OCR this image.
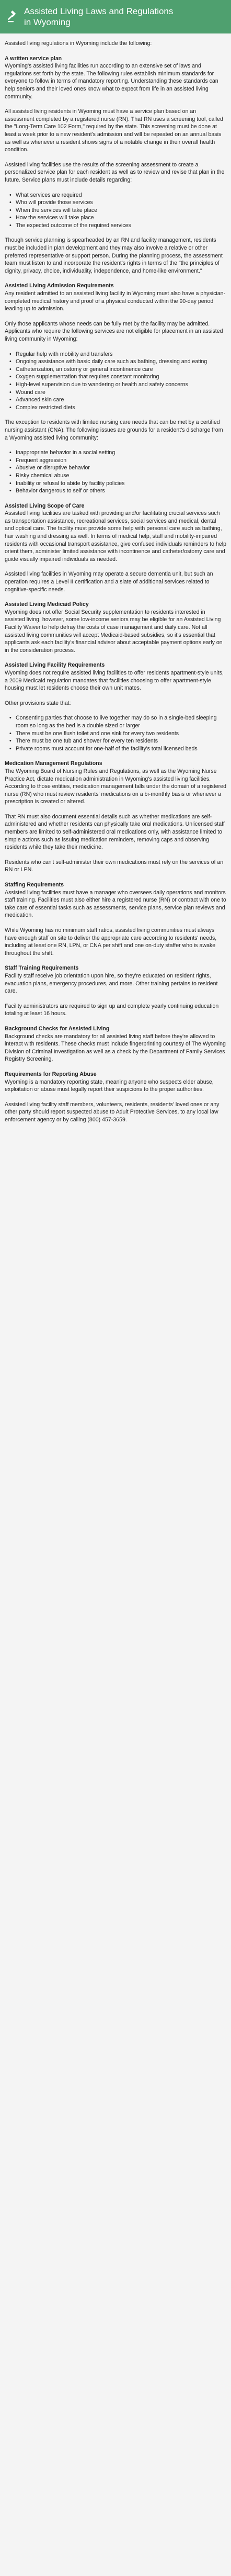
Assisted Living Laws and Regulations in Wyoming

Assisted living regulations in Wyoming include the following:

A written service plan

Wyoming's assisted living facilities run according to an extensive set of laws and regulations set forth by the state. The following rules establish minimum standards for everyone to follow in terms of mandatory reporting. Understanding these standards can help seniors and their loved ones know what to expect from life in an assisted living community.

All assisted living residents in Wyoming must have a service plan based on an assessment completed by a registered nurse (RN). That RN uses a screening tool, called the "Long-Term Care 102 Form," required by the state. This screening must be done at least a week prior to a new resident's admission and will be repeated on an annual basis as well as whenever a resident shows signs of a notable change in their overall health condition.

Assisted living facilities use the results of the screening assessment to create a personalized service plan for each resident as well as to review and revise that plan in the future. Service plans must include details regarding:

• What services are required
• Who will provide those services
• When the services will take place
• How the services will take place
• The expected outcome of the required services

Though service planning is spearheaded by an RN and facility management, residents must be included in plan development and they may also involve a relative or other preferred representative or support person. During the planning process, the assessment team must listen to and incorporate the resident's rights in terms of the "the principles of dignity, privacy, choice, individuality, independence, and home-like environment."

Assisted Living Admission Requirements

Any resident admitted to an assisted living facility in Wyoming must also have a physician-completed medical history and proof of a physical conducted within the 90-day period leading up to admission.

Only those applicants whose needs can be fully met by the facility may be admitted. Applicants who require the following services are not eligible for placement in an assisted living community in Wyoming:

• Regular help with mobility and transfers
• Ongoing assistance with basic daily care such as bathing, dressing and eating
• Catheterization, an ostomy or general incontinence care
• Oxygen supplementation that requires constant monitoring
• High-level supervision due to wandering or health and safety concerns
• Wound care
• Advanced skin care
• Complex restricted diets

The exception to residents with limited nursing care needs that can be met by a certified nursing assistant (CNA). The following issues are grounds for a resident's discharge from a Wyoming assisted living community:

• Inappropriate behavior in a social setting
• Frequent aggression
• Abusive or disruptive behavior
• Risky chemical abuse
• Inability or refusal to abide by facility policies
• Behavior dangerous to self or others
Assisted Living Scope of Care

Assisted living facilities are tasked with providing and/or facilitating crucial services such as transportation assistance, recreational services, social services and medical, dental and optical care. The facility must provide some help with personal care such as bathing, hair washing and dressing as well. In terms of medical help, staff and mobility-impaired residents with occasional transport assistance, give confused individuals reminders to help orient them, administer limited assistance with incontinence and catheter/ostomy care and guide visually impaired individuals as needed.

Assisted living facilities in Wyoming may operate a secure dementia unit, but such an operation requires a Level II certification and a slate of additional services related to cognitive-specific needs.

Assisted Living Medicaid Policy

Wyoming does not offer Social Security supplementation to residents interested in assisted living, however, some low-income seniors may be eligible for an Assisted Living Facility Waiver to help defray the costs of case management and daily care. Not all assisted living communities will accept Medicaid-based subsidies, so it's essential that applicants ask each facility's financial advisor about acceptable payment options early on in the consideration process.

Assisted Living Facility Requirements

Wyoming does not require assisted living facilities to offer residents apartment-style units, a 2009 Medicaid regulation mandates that facilities choosing to offer apartment-style housing must let residents choose their own unit mates.

Other provisions state that:

• Consenting parties that choose to live together may do so in a single-bed sleeping room so long as the bed is a double sized or larger
• There must be one flush toilet and one sink for every two residents
• There must be one tub and shower for every ten residents
• Private rooms must account for one-half of the facility's total licensed beds
Medication Management Regulations

The Wyoming Board of Nursing Rules and Regulations, as well as the Wyoming Nurse Practice Act, dictate medication administration in Wyoming's assisted living facilities. According to those entities, medication management falls under the domain of a registered nurse (RN) who must review residents' medications on a bi-monthly basis or whenever a prescription is created or altered.

That RN must also document essential details such as whether medications are self-administered and whether residents can physically take oral medications. Unlicensed staff members are limited to self-administered oral medications only, with assistance limited to simple actions such as issuing medication reminders, removing caps and observing residents while they take their medicine.

Residents who can't self-administer their own medications must rely on the services of an RN or LPN.

Staffing Requirements

Assisted living facilities must have a manager who oversees daily operations and monitors staff training. Facilities must also either hire a registered nurse (RN) or contract with one to take care of essential tasks such as assessments, service plans, service plan reviews and medication.

While Wyoming has no minimum staff ratios, assisted living communities must always have enough staff on site to deliver the appropriate care according to residents' needs, including at least one RN, LPN, or CNA per shift and one on-duty staffer who is awake throughout the shift.

Staff Training Requirements

Facility staff receive job orientation upon hire, so they're educated on resident rights, evacuation plans, emergency procedures, and more. Other training pertains to resident care.

Facility administrators are required to sign up and complete yearly continuing education totaling at least 16 hours.

Background Checks for Assisted Living

Background checks are mandatory for all assisted living staff before they're allowed to interact with residents. These checks must include fingerprinting courtesy of The Wyoming Division of Criminal Investigation as well as a check by the Department of Family Services Registry Screening.

Requirements for Reporting Abuse

Wyoming is a mandatory reporting state, meaning anyone who suspects elder abuse, exploitation or abuse must legally report their suspicions to the proper authorities.

Assisted living facility staff members, volunteers, residents, residents' loved ones or any other party should report suspected abuse to Adult Protective Services, to any local law enforcement agency or by calling (800) 457-3659.
